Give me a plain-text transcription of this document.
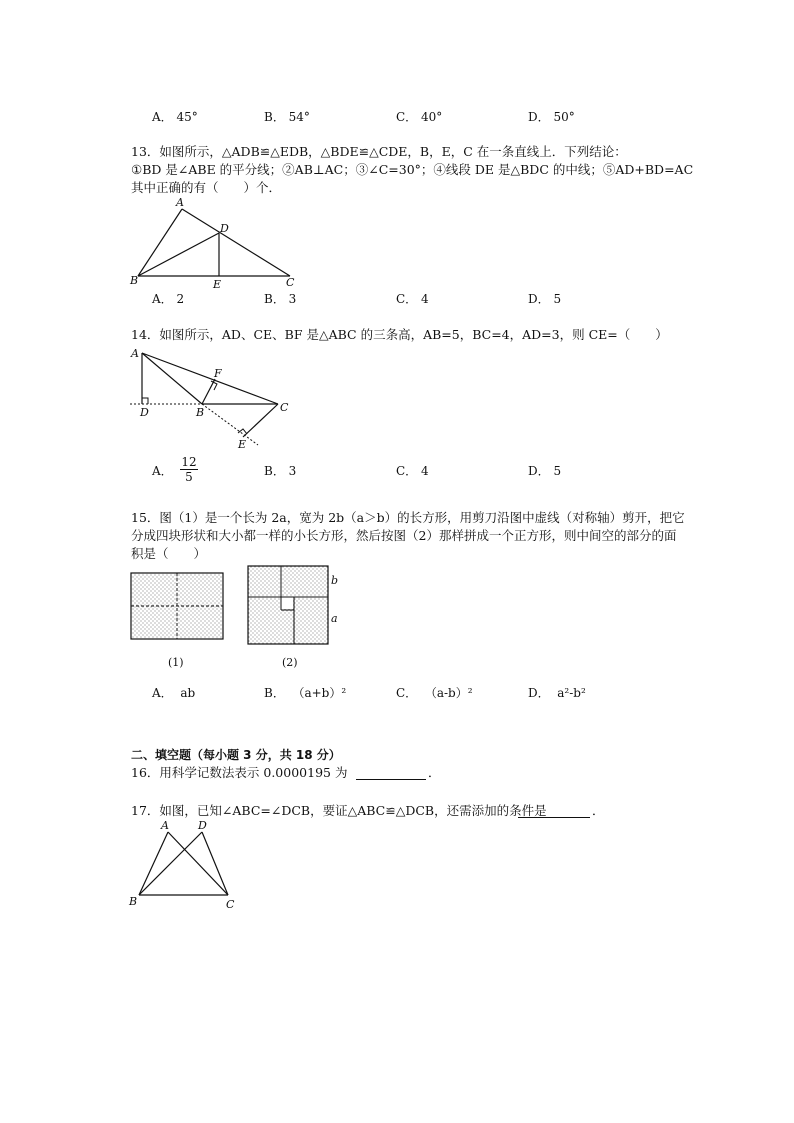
A． 45°	B． 54°	C． 40°	D． 50°
13．如图所示，△ADB≌△EDB，△BDE≌△CDE，B，E，C 在一条直线上．下列结论：
①BD 是∠ABE 的平分线；②AB⊥AC；③∠C=30°；④线段 DE 是△BDC 的中线；⑤AD+BD=AC
其中正确的有（　　）个．
A
D
B	E	C
A． 2	B． 3	C． 4	D． 5
14．如图所示，AD、CE、BF 是△ABC 的三条高，AB=5，BC=4，AD=3，则 CE=（　　）
A
F
D	B	C
E
A． $\frac{12}{5}$	B． 3	C． 4	D． 5
15．图（1）是一个长为 2a，宽为 2b（a＞b）的长方形，用剪刀沿图中虚线（对称轴）剪开，把它
分成四块形状和大小都一样的小长方形，然后按图（2）那样拼成一个正方形，则中间空的部分的面
积是（　　）
(1)
b
a
(2)
A． ab	B． （a+b）²	C． （a-b）²	D． a²-b²
二、填空题（每小题 3 分，共 18 分）
16．用科学记数法表示 0.0000195 为	．
17．如图，已知∠ABC=∠DCB，要证△ABC≌△DCB，还需添加的条件是	．
A	D
B	C
